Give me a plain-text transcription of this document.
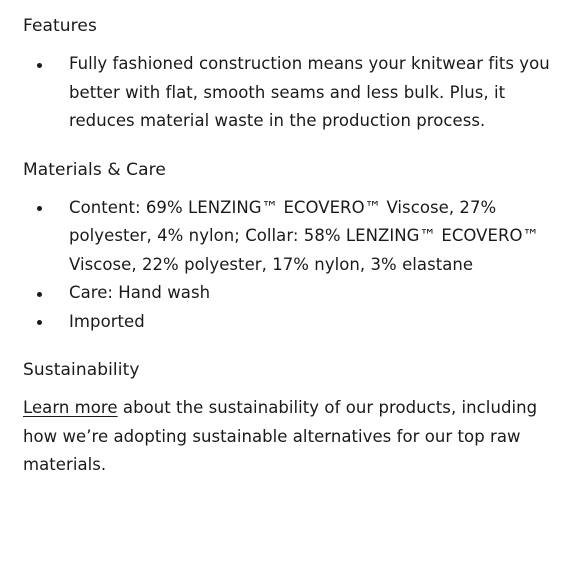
Features
Fully fashioned construction means your knitwear fits you better with flat, smooth seams and less bulk. Plus, it reduces material waste in the production process.
Materials & Care
Content: 69% LENZING™ ECOVERO™ Viscose, 27% polyester, 4% nylon; Collar: 58% LENZING™ ECOVERO™ Viscose, 22% polyester, 17% nylon, 3% elastane
Care: Hand wash
Imported
Sustainability

Learn more about the sustainability of our products, including how we’re adopting sustainable alternatives for our top raw materials.
